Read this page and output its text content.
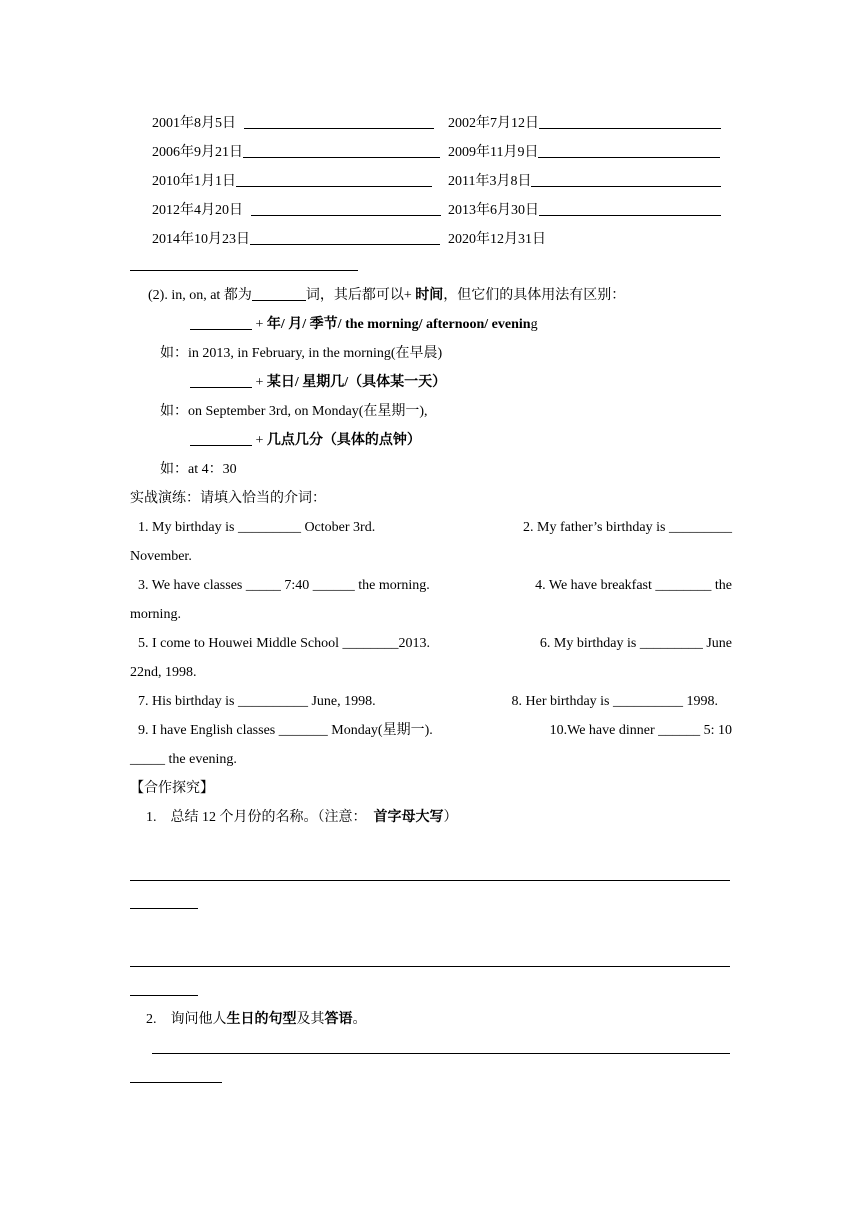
2001年8月5日	2002年7月12日
2006年9月21日	2009年11月9日
2010年1月1日	2011年3月8日
2012年4月20日	2013年6月30日
2014年10月23日	2020年12月31日
(2). in, on, at 都为	词，其后都可以+ 时间，但它们的具体用法有区别：
+ 年/ 月/ 季节/ the morning/ afternoon/ evening
如：in 2013, in February, in the morning(在早晨)
+ 某日/ 星期几/（具体某一天）
如：on September 3rd, on Monday(在星期一),
+ 几点几分（具体的点钟）
如：at 4：30
实战演练：请填入恰当的介词：
1. My birthday is _________ October 3rd.	2. My father’s birthday is _________
November.
3. We have classes _____ 7:40 ______ the morning.	4. We have breakfast ________ the
morning.
5. I come to Houwei Middle School ________2013.	6. My birthday is _________ June
22nd, 1998.
7. His birthday is __________ June, 1998.	8. Her birthday is __________ 1998.
9. I have English classes _______ Monday(星期一).	10.We have dinner ______ 5: 10
_____ the evening.
【合作探究】
1. 总结 12 个月份的名称。（注意： 首字母大写）
2. 询问他人生日的句型及其答语。
